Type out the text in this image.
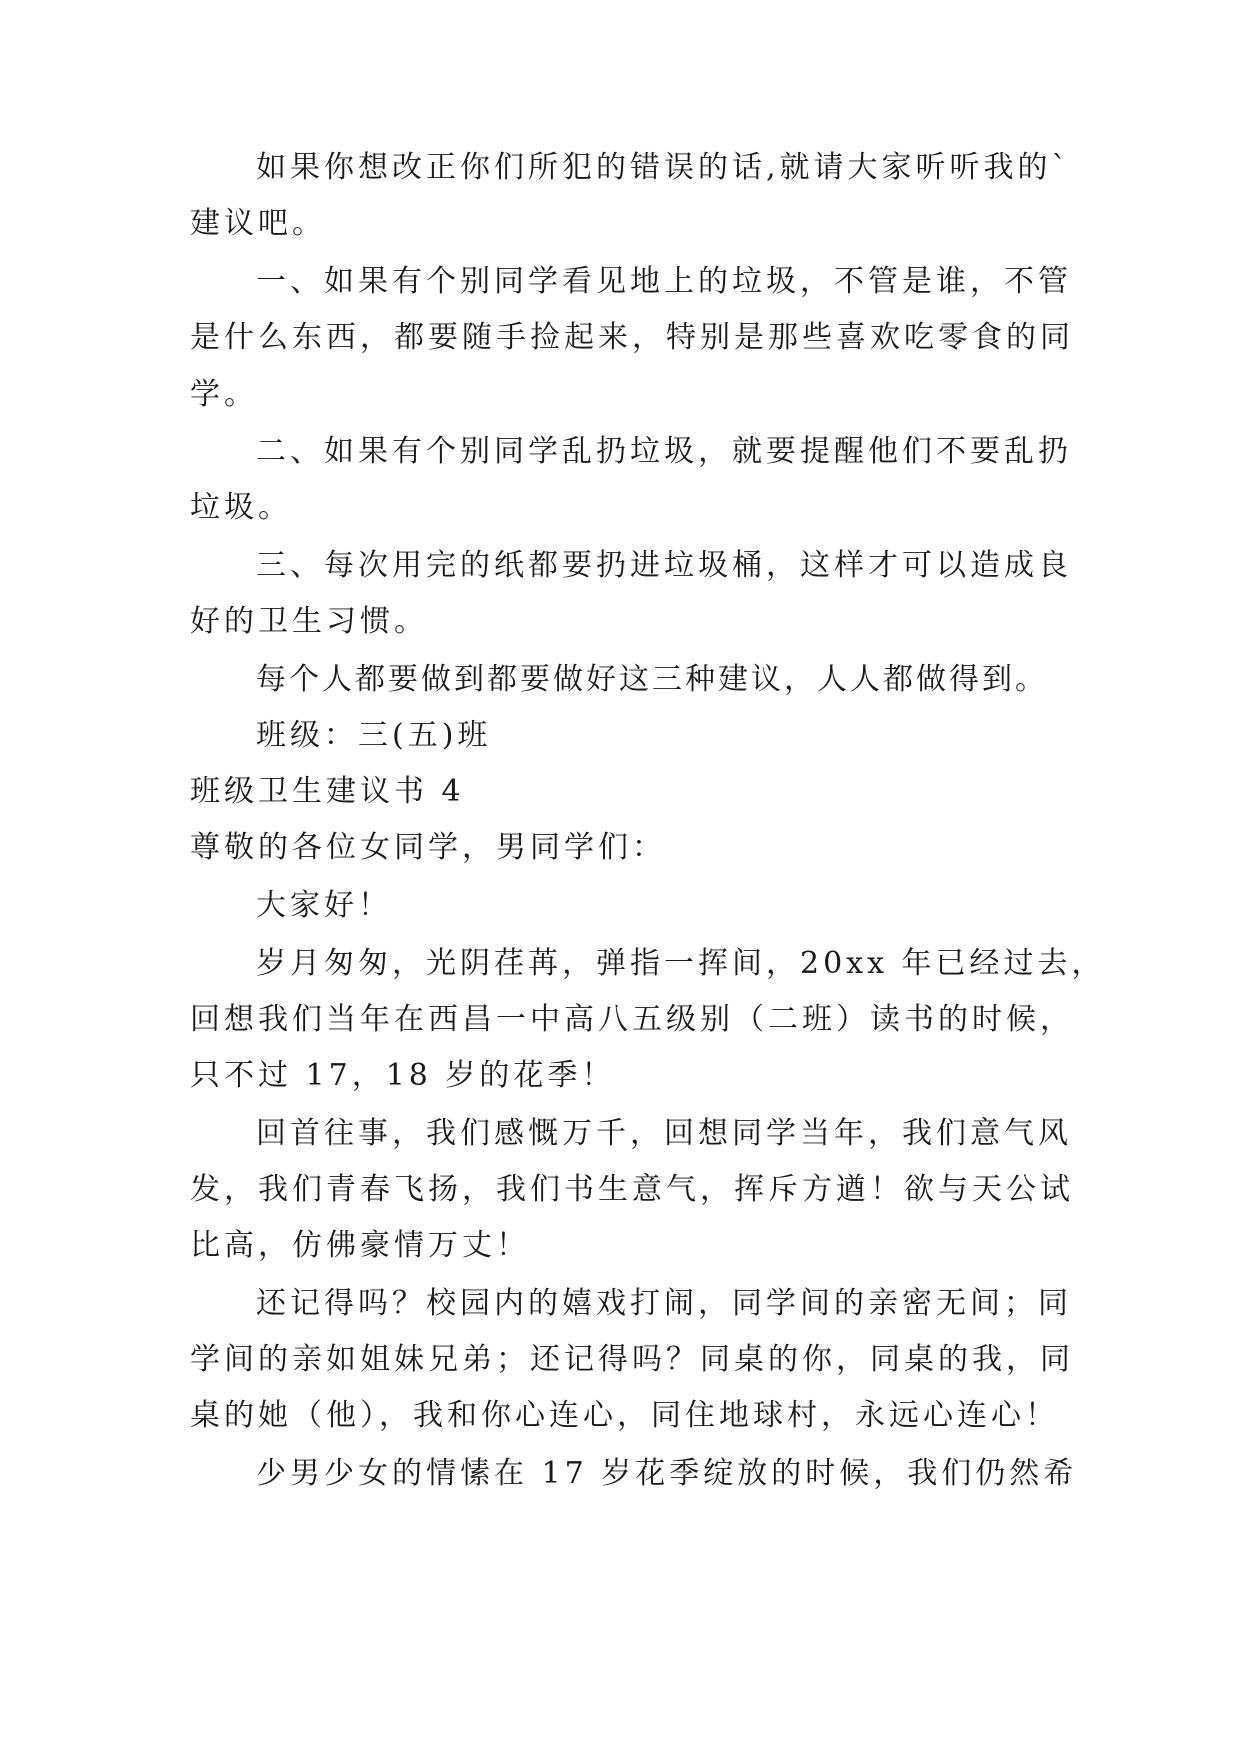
如果你想改正你们所犯的错误的话,就请大家听听我的`

建议吧。

一、如果有个别同学看见地上的垃圾，不管是谁，不管

是什么东西，都要随手捡起来，特别是那些喜欢吃零食的同

学。

二、如果有个别同学乱扔垃圾，就要提醒他们不要乱扔

垃圾。

三、每次用完的纸都要扔进垃圾桶，这样才可以造成良

好的卫生习惯。

每个人都要做到都要做好这三种建议，人人都做得到。

班级：三(五)班

班级卫生建议书 4

尊敬的各位女同学，男同学们：

大家好！

岁月匆匆，光阴荏苒，弹指一挥间，20xx 年已经过去，

回想我们当年在西昌一中高八五级别（二班）读书的时候，

只不过 17，18 岁的花季！

回首往事，我们感慨万千，回想同学当年，我们意气风

发，我们青春飞扬，我们书生意气，挥斥方遒！欲与天公试

比高，仿佛豪情万丈！

还记得吗？校园内的嬉戏打闹，同学间的亲密无间；同

学间的亲如姐妹兄弟；还记得吗？同桌的你，同桌的我，同

桌的她（他），我和你心连心，同住地球村，永远心连心！

少男少女的情愫在 17 岁花季绽放的时候，我们仍然希
